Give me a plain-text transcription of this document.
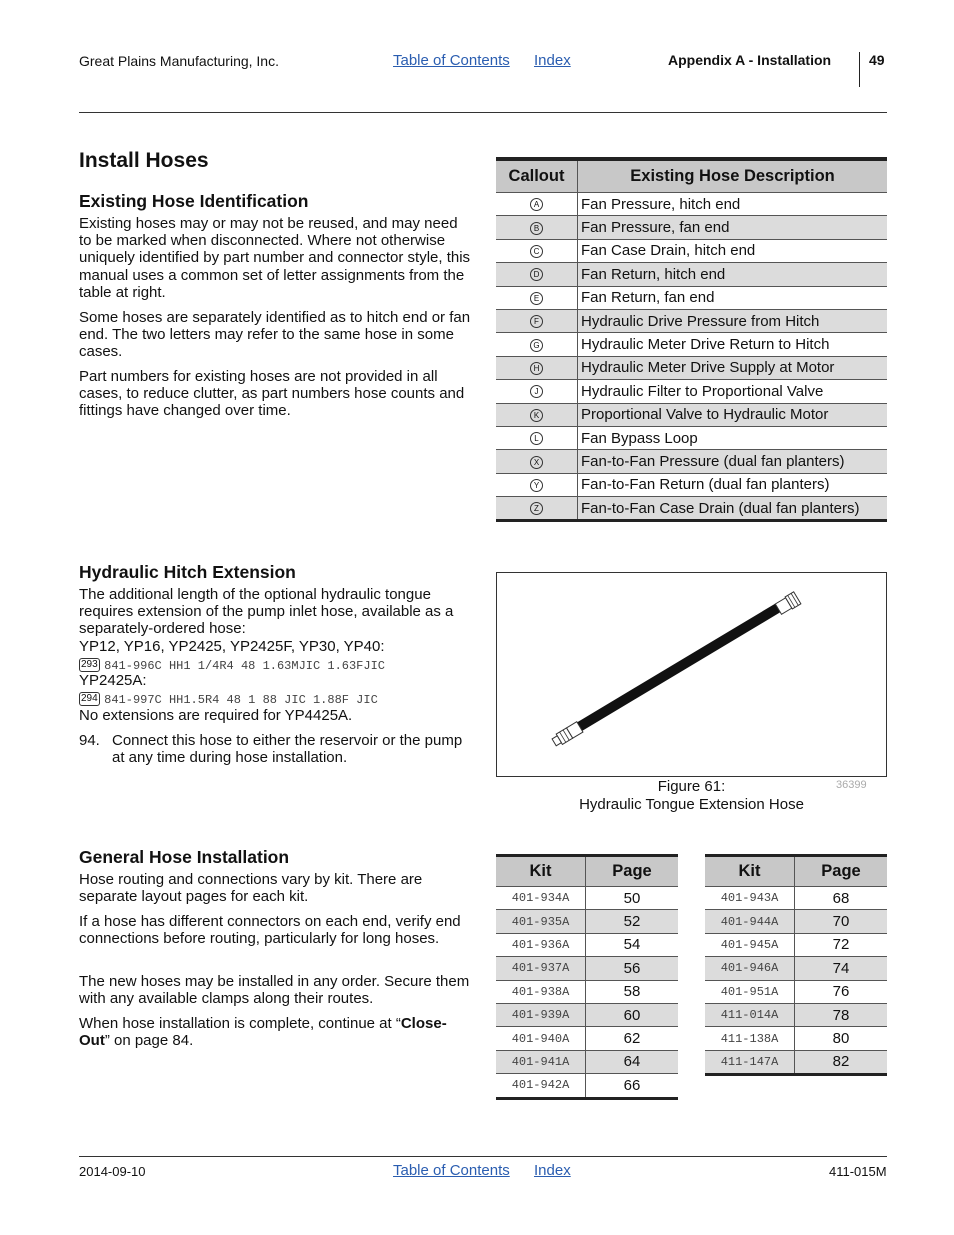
Great Plains Manufacturing, Inc.	Table of Contents Index	Appendix A - Installation	49
Install Hoses
Existing Hose Identification

Existing hoses may or may not be reused, and may need to be marked when disconnected. Where not otherwise uniquely identified by part number and connector style, this manual uses a common set of letter assignments from the table at right.

Some hoses are separately identified as to hitch end or fan end. The two letters may refer to the same hose in some cases.

Part numbers for existing hoses are not provided in all cases, to reduce clutter, as part numbers hose counts and fittings have changed over time.

Hydraulic Hitch Extension

The additional length of the optional hydraulic tongue requires extension of the pump inlet hose, available as a separately-ordered hose:

YP12, YP16, YP2425, YP2425F, YP30, YP40:

293 841-996C HH1 1/4R4 48 1.63MJIC 1.63FJIC

YP2425A:

294 841-997C HH1.5R4 48 1 88 JIC 1.88F JIC

No extensions are required for YP4425A.

94. Connect this hose to either the reservoir or the pump at any time during hose installation.

General Hose Installation

Hose routing and connections vary by kit. There are separate layout pages for each kit.

If a hose has different connectors on each end, verify end connections before routing, particularly for long hoses.

The new hoses may be installed in any order. Secure them with any available clamps along their routes.

When hose installation is complete, continue at “Close-Out” on page 84.

Callout	Existing Hose Description
A	Fan Pressure, hitch end
B	Fan Pressure, fan end
C	Fan Case Drain, hitch end
D	Fan Return, hitch end
E	Fan Return, fan end
F	Hydraulic Drive Pressure from Hitch
G	Hydraulic Meter Drive Return to Hitch
H	Hydraulic Meter Drive Supply at Motor
J	Hydraulic Filter to Proportional Valve
K	Proportional Valve to Hydraulic Motor
L	Fan Bypass Loop
X	Fan-to-Fan Pressure (dual fan planters)
Y	Fan-to-Fan Return (dual fan planters)
Z	Fan-to-Fan Case Drain (dual fan planters)
Figure 61:
Hydraulic Tongue Extension Hose
36399
Kit	Page
401-934A	50
401-935A	52
401-936A	54
401-937A	56
401-938A	58
401-939A	60
401-940A	62
401-941A	64
401-942A	66
Kit	Page
401-943A	68
401-944A	70
401-945A	72
401-946A	74
401-951A	76
411-014A	78
411-138A	80
411-147A	82
2014-09-10	Table of Contents Index	411-015M
